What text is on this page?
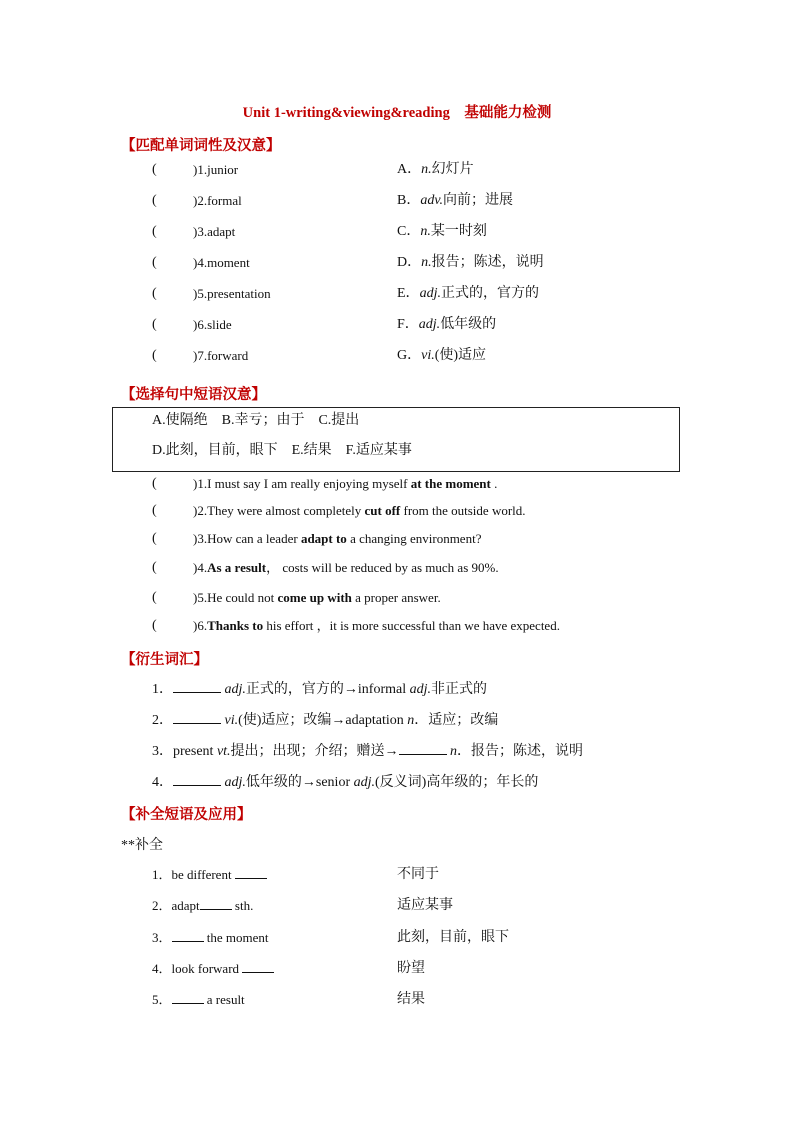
Unit 1-writing&viewing&reading　基础能力检测
【匹配单词词性及汉意】
(	)1.junior	A．n.幻灯片
(	)2.formal	B．adv.向前；进展
(	)3.adapt	C．n.某一时刻
(	)4.moment	D．n.报告；陈述，说明
(	)5.presentation	E．adj.正式的，官方的
(	)6.slide	F．adj.低年级的
(	)7.forward	G．vi.(使)适应
【选择句中短语汉意】
A.使隔绝　B.幸亏；由于　C.提出
D.此刻，目前，眼下　E.结果　F.适应某事
(	)1.I must say I am really enjoying myself at the moment .
(	)2.They were almost completely cut off from the outside world.
(	)3.How can a leader adapt to a changing environment?
(	)4.As a result， costs will be reduced by as much as 90%.
(	)5.He could not come up with a proper answer.
(	)6.Thanks to his effort ，it is more successful than we have expected.
【衍生词汇】
1．	adj.正式的，官方的→informal adj.非正式的
2．	vi.(使)适应；改编→adaptation n．适应；改编
3．present vt.提出；出现；介绍；赠送→	n．报告；陈述，说明
4．	adj.低年级的→senior adj.(反义词)高年级的；年长的
【补全短语及应用】
**补全
1．be different	不同于
2．adapt sth.	适应某事
3． the moment	此刻，目前，眼下
4．look forward	盼望
5． a result	结果
